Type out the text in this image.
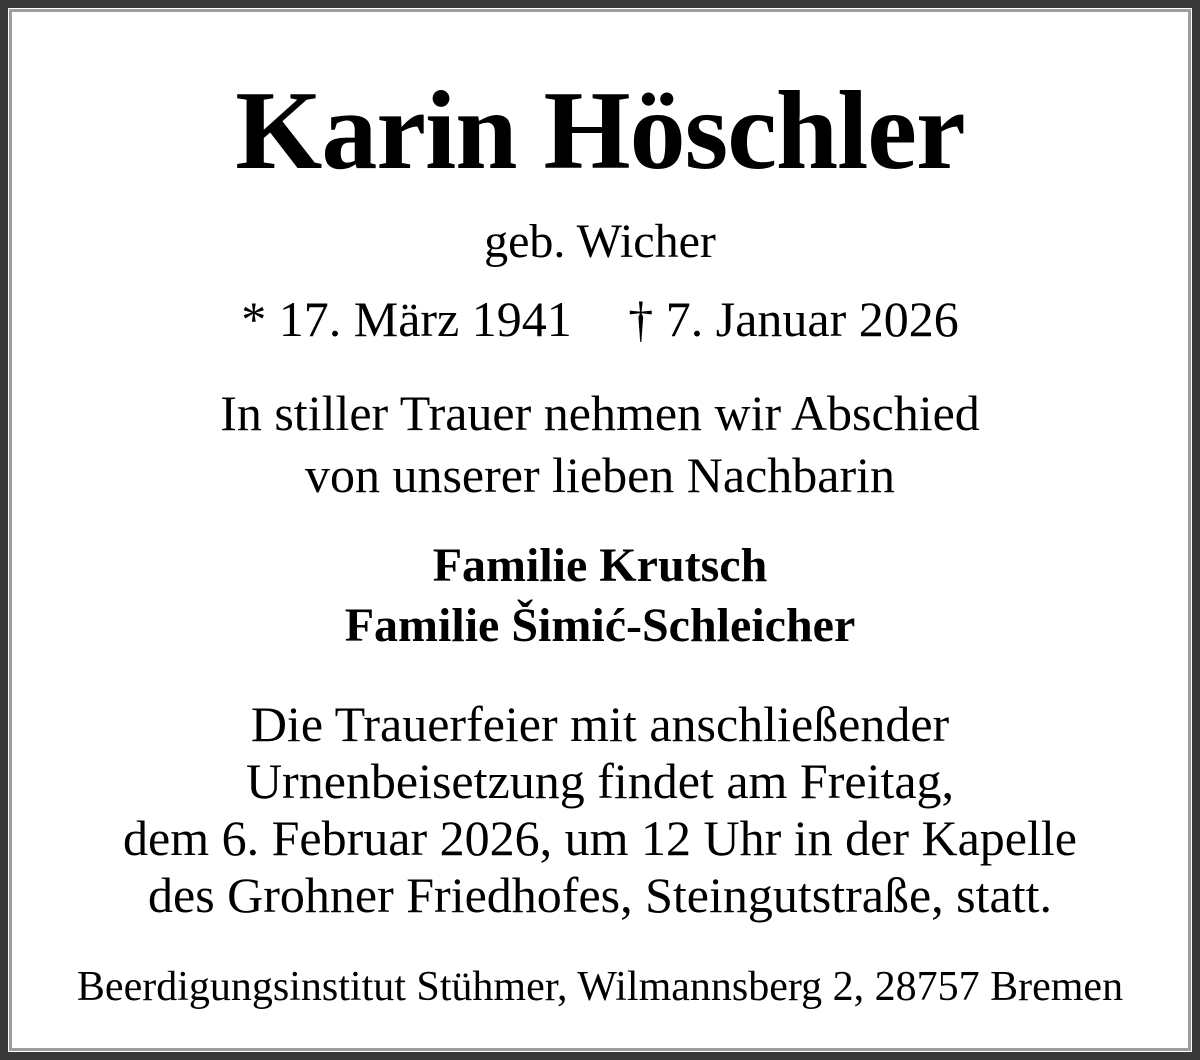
Karin Höschler

geb. Wicher

* 17. März 1941 † 7. Januar 2026

In stiller Trauer nehmen wir Abschied
von unserer lieben Nachbarin

Familie Krutsch
Familie Šimić-Schleicher

Die Trauerfeier mit anschließender
Urnenbeisetzung findet am Freitag,
dem 6. Februar 2026, um 12 Uhr in der Kapelle
des Grohner Friedhofes, Steingutstraße, statt.

Beerdigungsinstitut Stühmer, Wilmannsberg 2, 28757 Bremen
